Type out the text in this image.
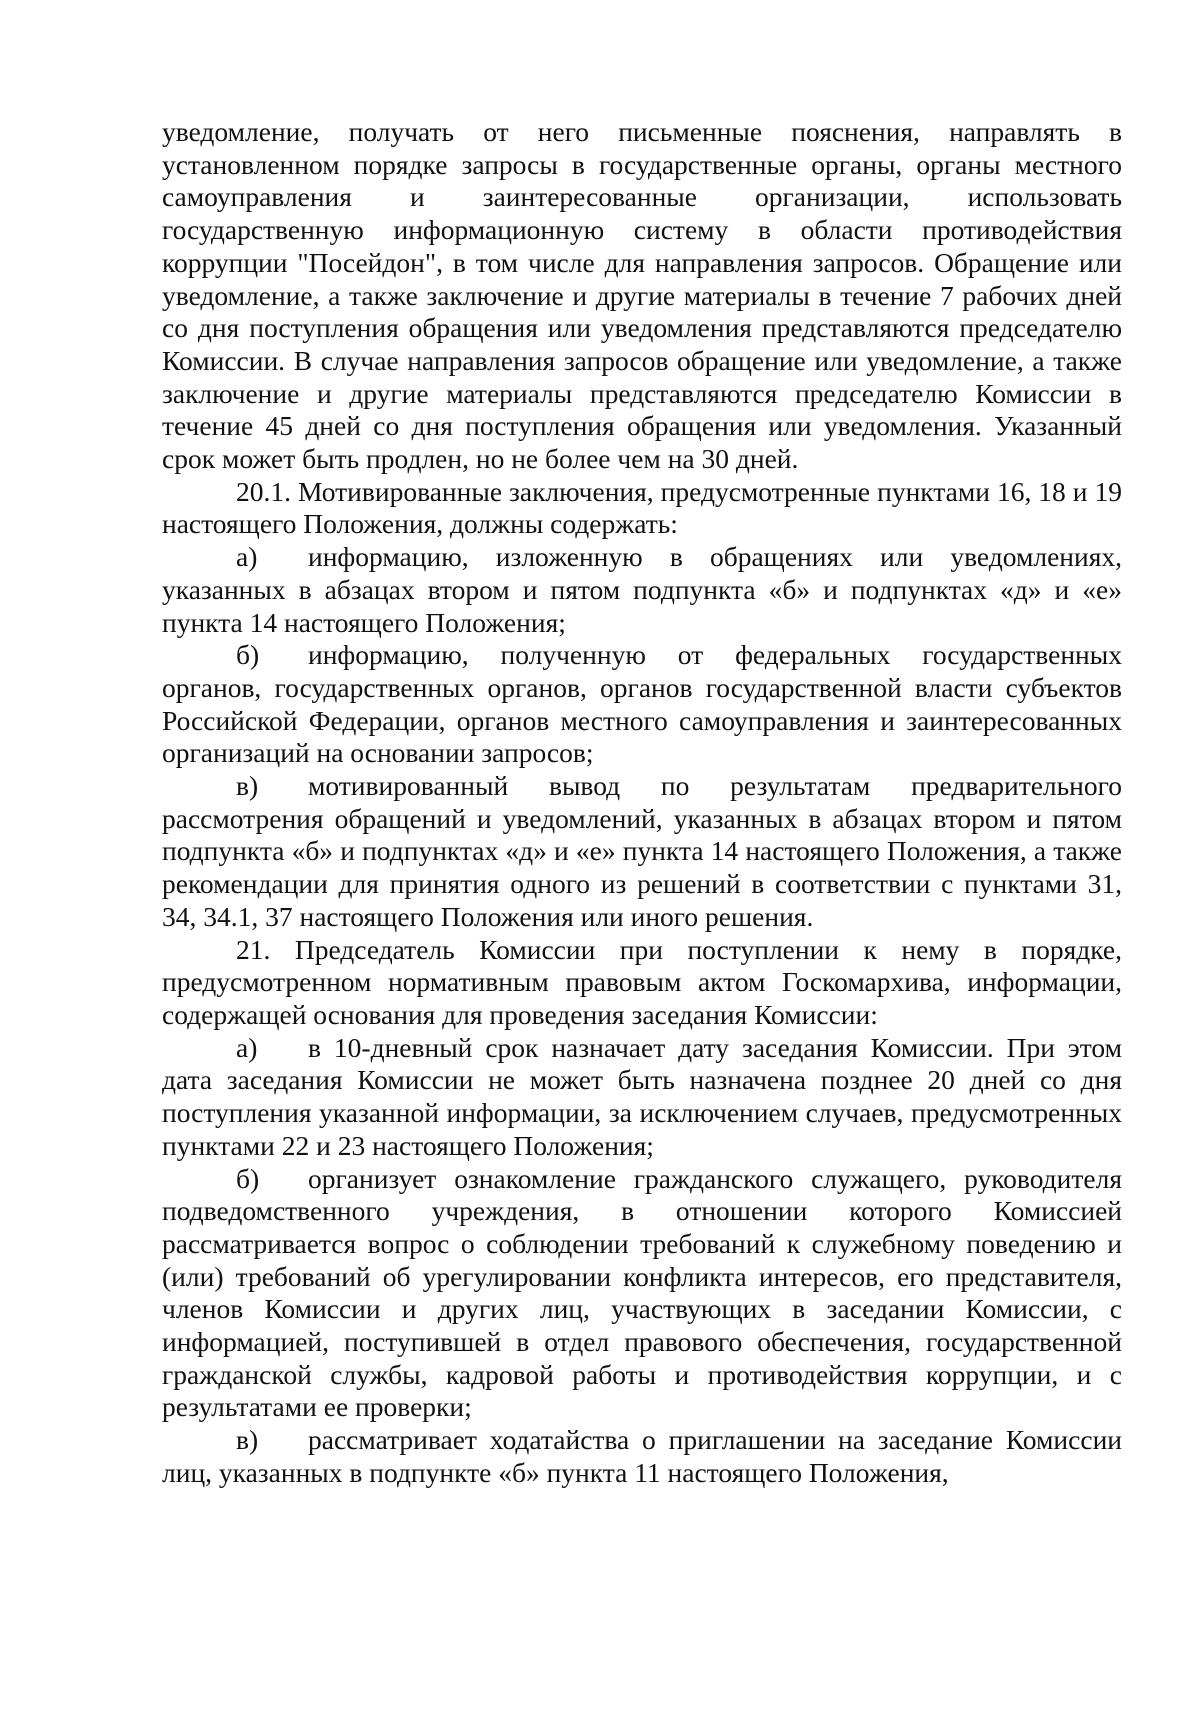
уведомление, получать от него письменные пояснения, направлять в установленном порядке запросы в государственные органы, органы местного самоуправления и заинтересованные организации, использовать государственную информационную систему в области противодействия коррупции "Посейдон", в том числе для направления запросов. Обращение или уведомление, а также заключение и другие материалы в течение 7 рабочих дней со дня поступления обращения или уведомления представляются председателю Комиссии. В случае направления запросов обращение или уведомление, а также заключение и другие материалы представляются председателю Комиссии в течение 45 дней со дня поступления обращения или уведомления. Указанный срок может быть продлен, но не более чем на 30 дней.

20.1. Мотивированные заключения, предусмотренные пунктами 16, 18 и 19 настоящего Положения, должны содержать:

а) информацию, изложенную в обращениях или уведомлениях, указанных в абзацах втором и пятом подпункта «б» и подпунктах «д» и «е» пункта 14 настоящего Положения;

б) информацию, полученную от федеральных государственных органов, государственных органов, органов государственной власти субъектов Российской Федерации, органов местного самоуправления и заинтересованных организаций на основании запросов;

в) мотивированный вывод по результатам предварительного рассмотрения обращений и уведомлений, указанных в абзацах втором и пятом подпункта «б» и подпунктах «д» и «е» пункта 14 настоящего Положения, а также рекомендации для принятия одного из решений в соответствии с пунктами 31, 34, 34.1, 37 настоящего Положения или иного решения.

21. Председатель Комиссии при поступлении к нему в порядке, предусмотренном нормативным правовым актом Госкомархива, информации, содержащей основания для проведения заседания Комиссии:

а) в 10-дневный срок назначает дату заседания Комиссии. При этом дата заседания Комиссии не может быть назначена позднее 20 дней со дня поступления указанной информации, за исключением случаев, предусмотренных пунктами 22 и 23 настоящего Положения;

б) организует ознакомление гражданского служащего, руководителя подведомственного учреждения, в отношении которого Комиссией рассматривается вопрос о соблюдении требований к служебному поведению и (или) требований об урегулировании конфликта интересов, его представителя, членов Комиссии и других лиц, участвующих в заседании Комиссии, с информацией, поступившей в отдел правового обеспечения, государственной гражданской службы, кадровой работы и противодействия коррупции, и с результатами ее проверки;

в) рассматривает ходатайства о приглашении на заседание Комиссии лиц, указанных в подпункте «б» пункта 11 настоящего Положения,
